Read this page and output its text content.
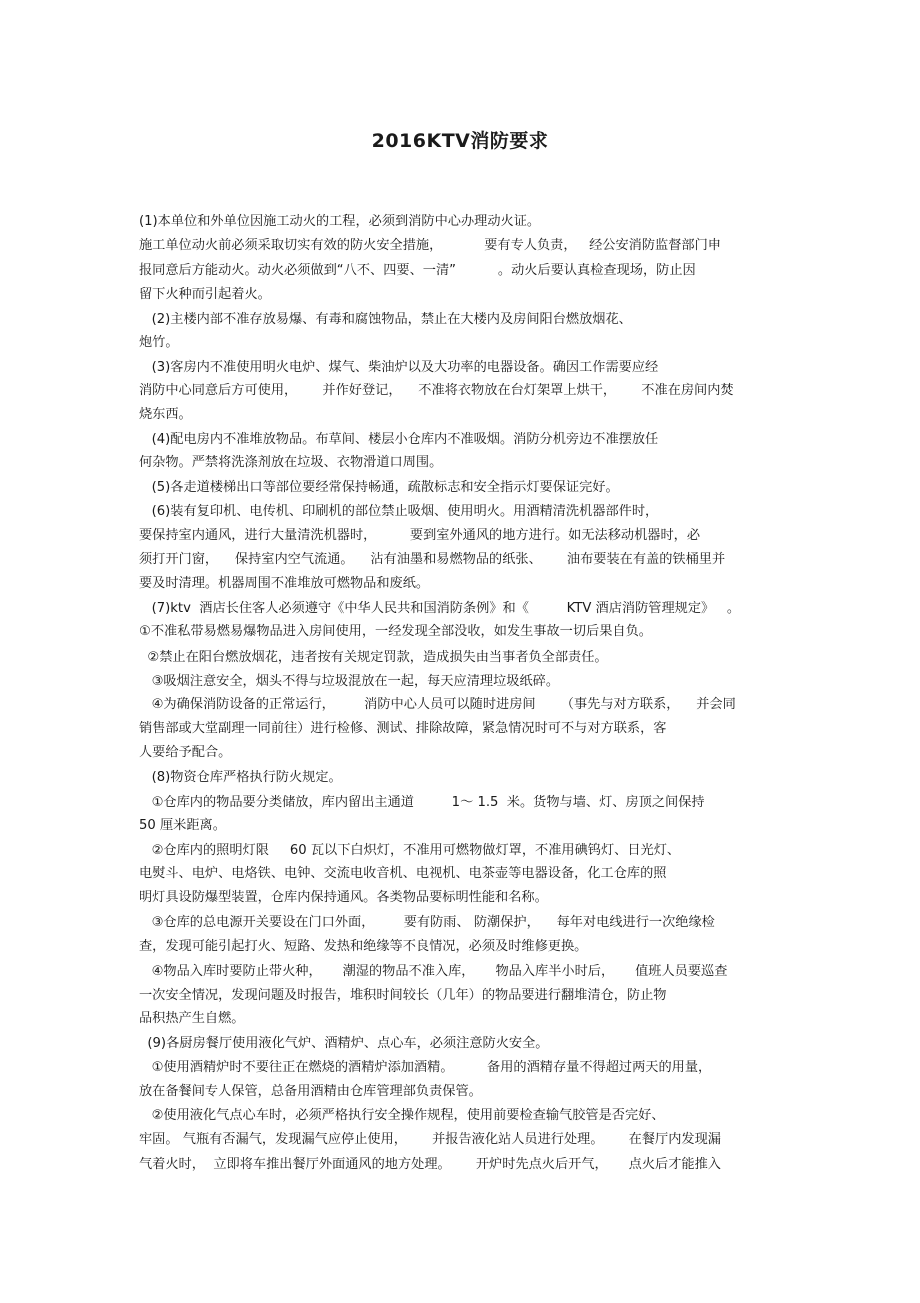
2016KTV消防要求
(1)本单位和外单位因施工动火的工程，必须到消防中心办理动火证。
施工单位动火前必须采取切实有效的防火安全措施，          要有专人负责，   经公安消防监督部门申
报同意后方能动火。动火必须做到“八不、四要、一清”          。动火后要认真检查现场，防止因
留下火种而引起着火。
(2)主楼内部不准存放易爆、有毒和腐蚀物品，禁止在大楼内及房间阳台燃放烟花、
炮竹。
(3)客房内不准使用明火电炉、煤气、柴油炉以及大功率的电器设备。确因工作需要应经
消防中心同意后方可使用，      并作好登记，    不准将衣物放在台灯架罩上烘干，      不准在房间内焚
烧东西。
(4)配电房内不准堆放物品。布草间、楼层小仓库内不准吸烟。消防分机旁边不准摆放任
何杂物。严禁将洗涤剂放在垃圾、衣物滑道口周围。
(5)各走道楼梯出口等部位要经常保持畅通，疏散标志和安全指示灯要保证完好。
(6)装有复印机、电传机、印刷机的部位禁止吸烟、使用明火。用酒精清洗机器部件时，
要保持室内通风，进行大量清洗机器时，        要到室外通风的地方进行。如无法移动机器时，必
须打开门窗，    保持室内空气流通。    沾有油墨和易燃物品的纸张、      油布要装在有盖的铁桶里并
要及时清理。机器周围不准堆放可燃物品和废纸。
(7)ktv  酒店长住客人必须遵守《中华人民共和国消防条例》和《         KTV 酒店消防管理规定》   。
①不准私带易燃易爆物品进入房间使用，一经发现全部没收，如发生事故一切后果自负。
②禁止在阳台燃放烟花，违者按有关规定罚款，造成损失由当事者负全部责任。
③吸烟注意安全，烟头不得与垃圾混放在一起，每天应清理垃圾纸碎。
④为确保消防设备的正常运行，       消防中心人员可以随时进房间      （事先与对方联系，    并会同
销售部或大堂副理一同前往）进行检修、测试、排除故障，紧急情况时可不与对方联系，客
人要给予配合。
(8)物资仓库严格执行防火规定。
①仓库内的物品要分类储放，库内留出主通道         1～ 1.5  米。货物与墙、灯、房顶之间保持
50 厘米距离。
②仓库内的照明灯限     60 瓦以下白炽灯，不准用可燃物做灯罩，不准用碘钨灯、日光灯、
电熨斗、电炉、电烙铁、电钟、交流电收音机、电视机、电茶壶等电器设备，化工仓库的照
明灯具设防爆型装置，仓库内保持通风。各类物品要标明性能和名称。
③仓库的总电源开关要设在门口外面，       要有防雨、 防潮保护，    每年对电线进行一次绝缘检
查，发现可能引起打火、短路、发热和绝缘等不良情况，必须及时维修更换。
④物品入库时要防止带火种，     潮湿的物品不准入库，     物品入库半小时后，     值班人员要巡查
一次安全情况，发现问题及时报告，堆积时间较长（几年）的物品要进行翻堆清仓，防止物
品积热产生自燃。
(9)各厨房餐厅使用液化气炉、酒精炉、点心车，必须注意防火安全。
①使用酒精炉时不要往正在燃烧的酒精炉添加酒精。        备用的酒精存量不得超过两天的用量，
放在备餐间专人保管，总备用酒精由仓库管理部负责保管。
②使用液化气点心车时，必须严格执行安全操作规程，使用前要检查输气胶管是否完好、
牢固。 气瓶有否漏气，发现漏气应停止使用，      并报告液化站人员进行处理。      在餐厅内发现漏
气着火时，  立即将车推出餐厅外面通风的地方处理。      开炉时先点火后开气，     点火后才能推入
